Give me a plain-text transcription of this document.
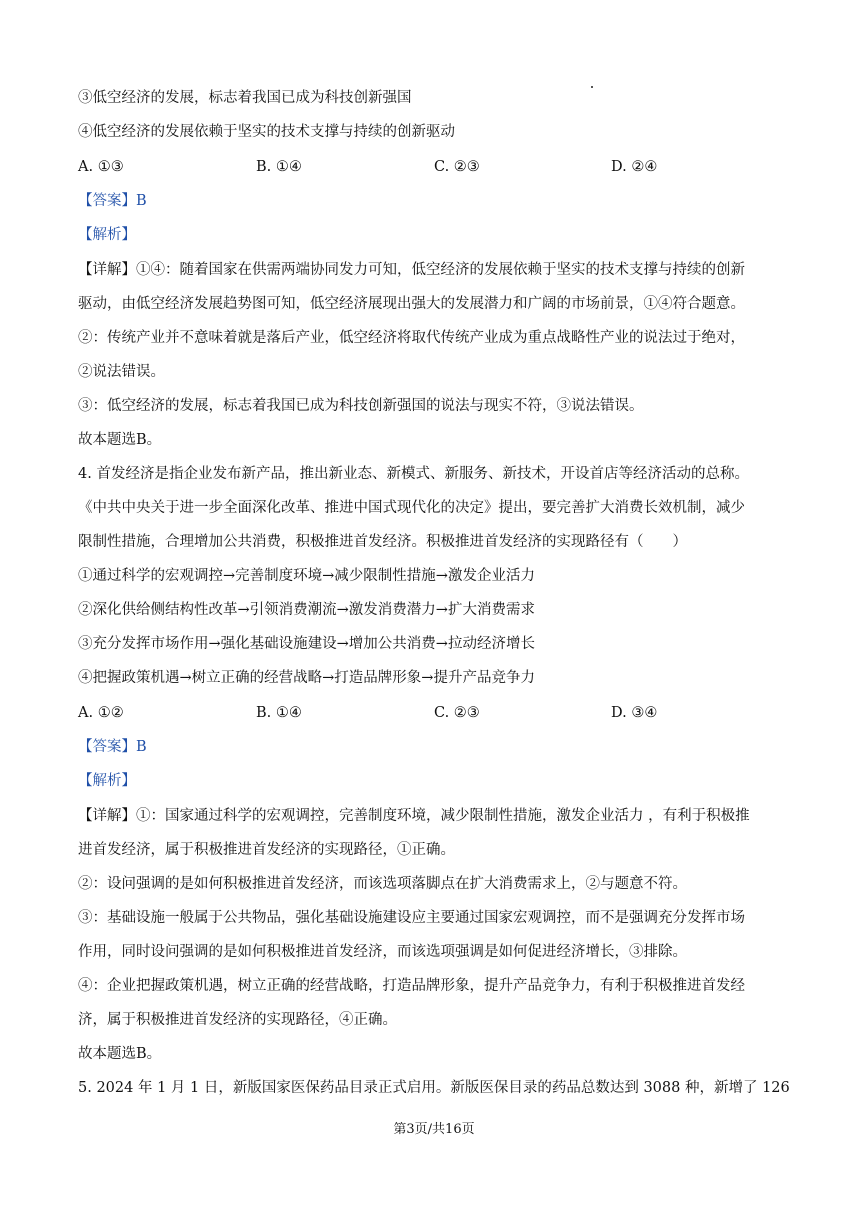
③低空经济的发展，标志着我国已成为科技创新强国
④低空经济的发展依赖于坚实的技术支撑与持续的创新驱动
A. ①③	B. ①④	C. ②③	D. ②④
【答案】B
【解析】
【详解】①④：随着国家在供需两端协同发力可知，低空经济的发展依赖于坚实的技术支撑与持续的创新
驱动，由低空经济发展趋势图可知，低空经济展现出强大的发展潜力和广阔的市场前景，①④符合题意。
②：传统产业并不意味着就是落后产业，低空经济将取代传统产业成为重点战略性产业的说法过于绝对，
②说法错误。
③：低空经济的发展，标志着我国已成为科技创新强国的说法与现实不符，③说法错误。
故本题选B。
4. 首发经济是指企业发布新产品，推出新业态、新模式、新服务、新技术，开设首店等经济活动的总称。
《中共中央关于进一步全面深化改革、推进中国式现代化的决定》提出，要完善扩大消费长效机制，减少
限制性措施，合理增加公共消费，积极推进首发经济。积极推进首发经济的实现路径有（　　）
①通过科学的宏观调控→完善制度环境→减少限制性措施→激发企业活力
②深化供给侧结构性改革→引领消费潮流→激发消费潜力→扩大消费需求
③充分发挥市场作用→强化基础设施建设→增加公共消费→拉动经济增长
④把握政策机遇→树立正确的经营战略→打造品牌形象→提升产品竞争力
A. ①②	B. ①④	C. ②③	D. ③④
【答案】B
【解析】
【详解】①：国家通过科学的宏观调控，完善制度环境，减少限制性措施，激发企业活力 ，有利于积极推
进首发经济，属于积极推进首发经济的实现路径，①正确。
②：设问强调的是如何积极推进首发经济，而该选项落脚点在扩大消费需求上，②与题意不符。
③：基础设施一般属于公共物品，强化基础设施建设应主要通过国家宏观调控，而不是强调充分发挥市场
作用，同时设问强调的是如何积极推进首发经济，而该选项强调是如何促进经济增长，③排除。
④：企业把握政策机遇，树立正确的经营战略，打造品牌形象，提升产品竞争力，有利于积极推进首发经
济，属于积极推进首发经济的实现路径，④正确。
故本题选B。
5. 2024 年 1 月 1 日，新版国家医保药品目录正式启用。新版医保目录的药品总数达到 3088 种，新增了 126
第3页/共16页
